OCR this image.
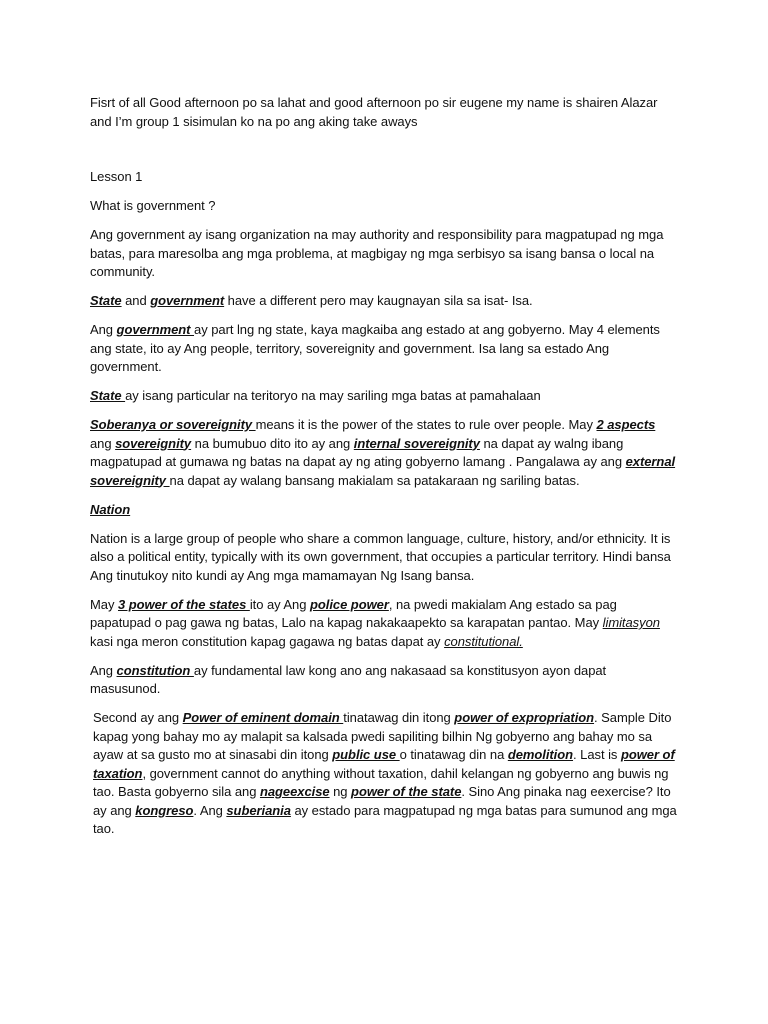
Fisrt of all Good afternoon po sa lahat and good afternoon po sir eugene my name is shairen Alazar and I’m group 1 sisimulan ko na po ang aking take aways

Lesson 1

What is government ?

Ang government ay isang organization na may authority and responsibility para magpatupad ng mga batas, para maresolba ang mga problema, at magbigay ng mga serbisyo sa isang bansa o local na community.

State and government have a different pero may kaugnayan sila sa isat- Isa.

Ang government ay part lng ng state, kaya magkaiba ang estado at ang gobyerno. May 4 elements ang state, ito ay Ang people, territory, sovereignity and government. Isa lang sa estado Ang government.

State ay isang particular na teritoryo na may sariling mga batas at pamahalaan

Soberanya or sovereignity means it is the power of the states to rule over people. May 2 aspects ang sovereignity na bumubuo dito ito ay ang internal sovereignity na dapat ay walng ibang magpatupad at gumawa ng batas na dapat ay ng ating gobyerno lamang . Pangalawa ay ang external sovereignity na dapat ay walang bansang makialam sa patakaraan ng sariling batas.

Nation

Nation is a large group of people who share a common language, culture, history, and/or ethnicity. It is also a political entity, typically with its own government, that occupies a particular territory. Hindi bansa Ang tinutukoy nito kundi ay Ang mga mamamayan Ng Isang bansa.

May 3 power of the states ito ay Ang police power, na pwedi makialam Ang estado sa pag papatupad o pag gawa ng batas, Lalo na kapag nakakaapekto sa karapatan pantao. May limitasyon kasi nga meron constitution kapag gagawa ng batas dapat ay constitutional.

Ang constitution ay fundamental law kong ano ang nakasaad sa konstitusyon ayon dapat masusunod.

Second ay ang Power of eminent domain tinatawag din itong power of expropriation. Sample Dito kapag yong bahay mo ay malapit sa kalsada pwedi sapiliting bilhin Ng gobyerno ang bahay mo sa ayaw at sa gusto mo at sinasabi din itong public use o tinatawag din na demolition. Last is power of taxation, government cannot do anything without taxation, dahil kelangan ng gobyerno ang buwis ng tao. Basta gobyerno sila ang nageexcise ng power of the state. Sino Ang pinaka nag eexercise? Ito ay ang kongreso. Ang suberiania ay estado para magpatupad ng mga batas para sumunod ang mga tao.
